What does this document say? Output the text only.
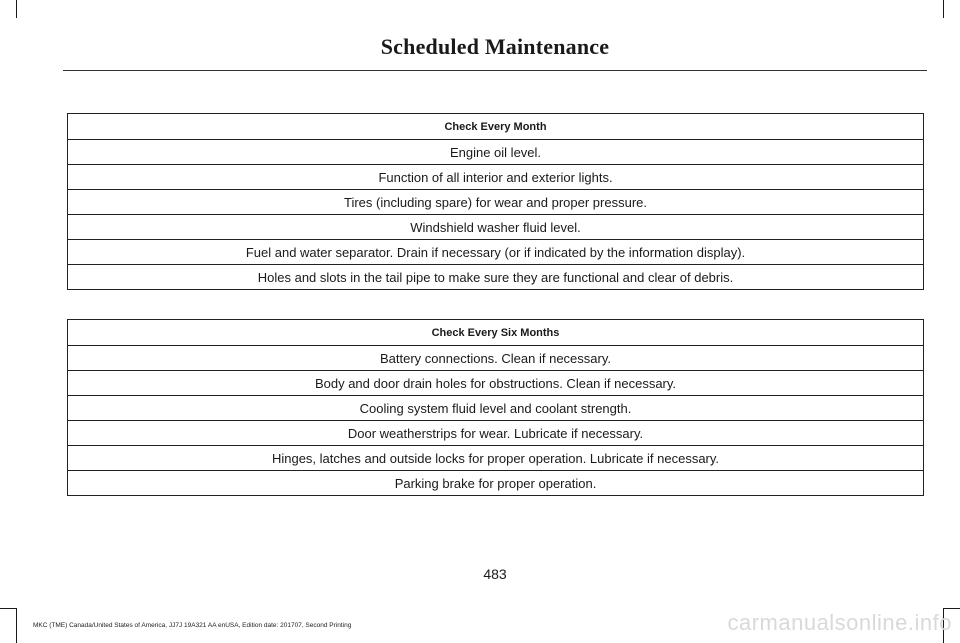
Scheduled Maintenance
Check Every Month
Engine oil level.
Function of all interior and exterior lights.
Tires (including spare) for wear and proper pressure.
Windshield washer fluid level.
Fuel and water separator. Drain if necessary (or if indicated by the information display).
Holes and slots in the tail pipe to make sure they are functional and clear of debris.
Check Every Six Months
Battery connections. Clean if necessary.
Body and door drain holes for obstructions. Clean if necessary.
Cooling system fluid level and coolant strength.
Door weatherstrips for wear. Lubricate if necessary.
Hinges, latches and outside locks for proper operation. Lubricate if necessary.
Parking brake for proper operation.
483
MKC (TME) Canada/United States of America, JJ7J 19A321 AA enUSA, Edition date: 201707, Second Printing	carmanualsonline.info
